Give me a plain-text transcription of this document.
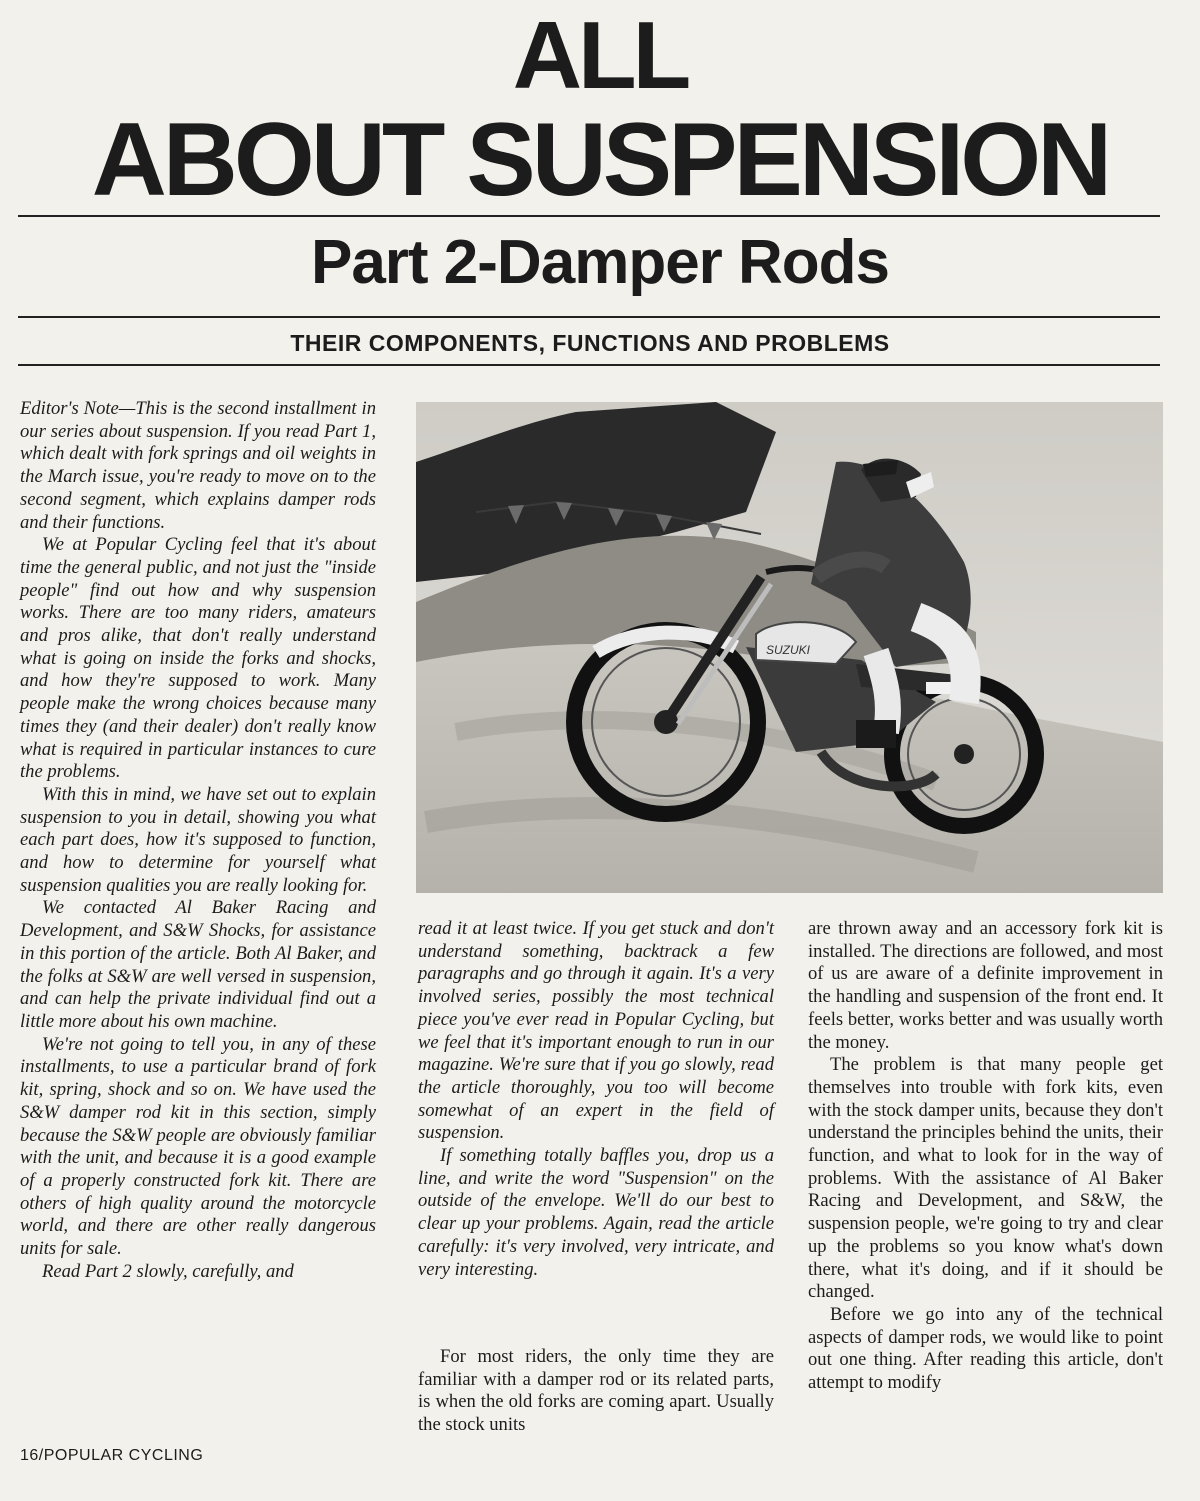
ALL
ABOUT SUSPENSION
Part 2-Damper Rods
THEIR COMPONENTS, FUNCTIONS AND PROBLEMS

Editor's Note—This is the second installment in our series about suspension. If you read Part 1, which dealt with fork springs and oil weights in the March issue, you're ready to move on to the second segment, which explains damper rods and their functions.

We at Popular Cycling feel that it's about time the general public, and not just the "inside people" find out how and why suspension works. There are too many riders, amateurs and pros alike, that don't really understand what is going on inside the forks and shocks, and how they're supposed to work. Many people make the wrong choices because many times they (and their dealer) don't really know what is required in particular instances to cure the problems.

With this in mind, we have set out to explain suspension to you in detail, showing you what each part does, how it's supposed to function, and how to determine for yourself what suspension qualities you are really looking for.

We contacted Al Baker Racing and Development, and S&W Shocks, for assistance in this portion of the article. Both Al Baker, and the folks at S&W are well versed in suspension, and can help the private individual find out a little more about his own machine.

We're not going to tell you, in any of these installments, to use a particular brand of fork kit, spring, shock and so on. We have used the S&W damper rod kit in this section, simply because the S&W people are obviously familiar with the unit, and because it is a good example of a properly constructed fork kit. There are others of high quality around the motorcycle world, and there are other really dangerous units for sale.

Read Part 2 slowly, carefully, and

SUZUKI

read it at least twice. If you get stuck and don't understand something, backtrack a few paragraphs and go through it again. It's a very involved series, possibly the most technical piece you've ever read in Popular Cycling, but we feel that it's important enough to run in our magazine. We're sure that if you go slowly, read the article thoroughly, you too will become somewhat of an expert in the field of suspension.

If something totally baffles you, drop us a line, and write the word "Suspension" on the outside of the envelope. We'll do our best to clear up your problems. Again, read the article carefully: it's very involved, very intricate, and very interesting.

For most riders, the only time they are familiar with a damper rod or its related parts, is when the old forks are coming apart. Usually the stock units

are thrown away and an accessory fork kit is installed. The directions are followed, and most of us are aware of a definite improvement in the handling and suspension of the front end. It feels better, works better and was usually worth the money.

The problem is that many people get themselves into trouble with fork kits, even with the stock damper units, because they don't understand the principles behind the units, their function, and what to look for in the way of problems. With the assistance of Al Baker Racing and Development, and S&W, the suspension people, we're going to try and clear up the problems so you know what's down there, what it's doing, and if it should be changed.

Before we go into any of the technical aspects of damper rods, we would like to point out one thing. After reading this article, don't attempt to modify

16/POPULAR CYCLING
